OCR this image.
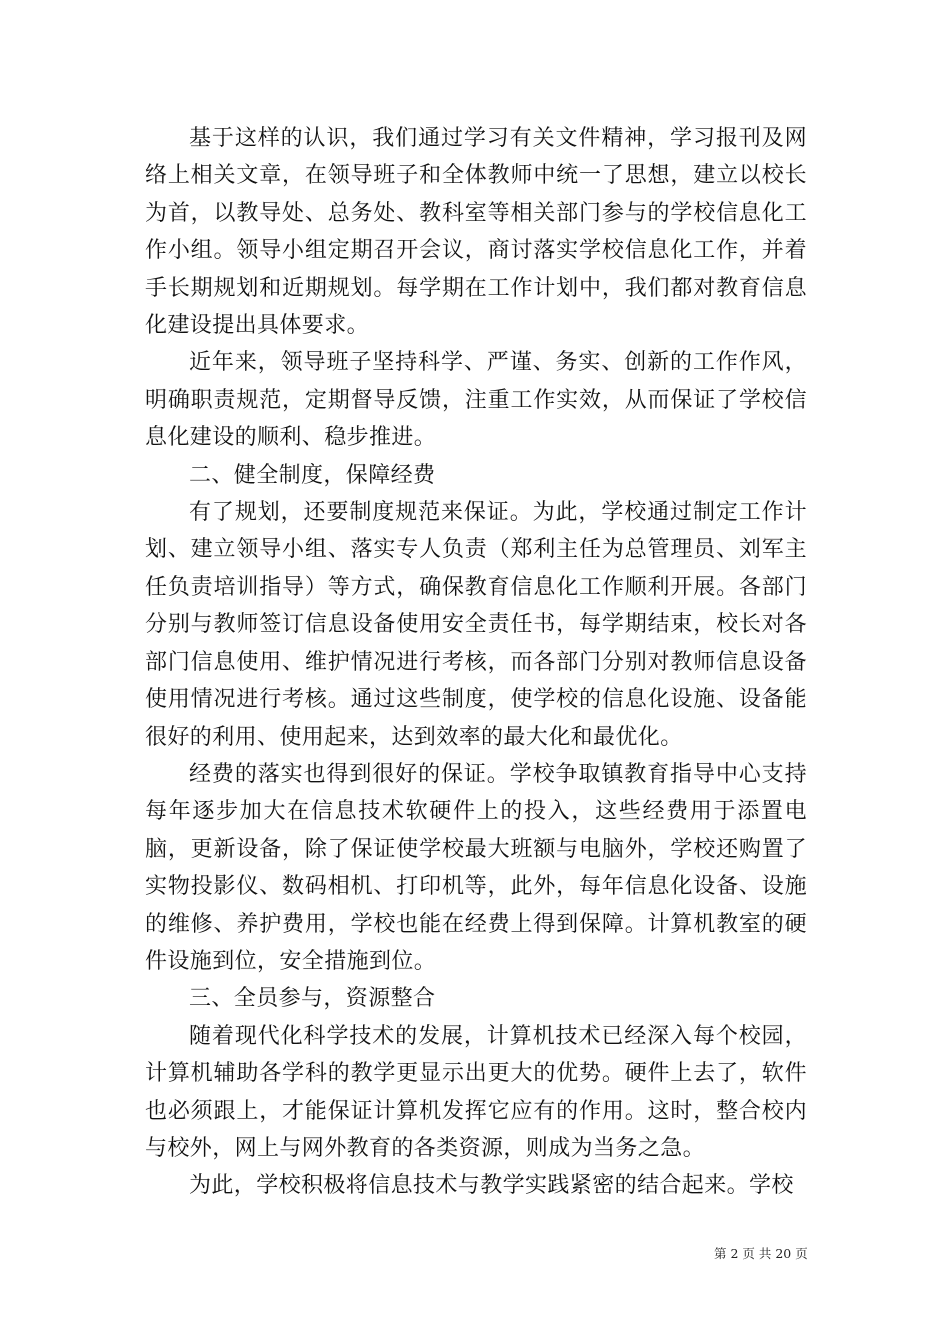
基于这样的认识，我们通过学习有关文件精神，学习报刊及网络上相关文章，在领导班子和全体教师中统一了思想，建立以校长为首，以教导处、总务处、教科室等相关部门参与的学校信息化工作小组。领导小组定期召开会议，商讨落实学校信息化工作，并着手长期规划和近期规划。每学期在工作计划中，我们都对教育信息化建设提出具体要求。

近年来，领导班子坚持科学、严谨、务实、创新的工作作风，明确职责规范，定期督导反馈，注重工作实效，从而保证了学校信息化建设的顺利、稳步推进。

二、健全制度，保障经费

有了规划，还要制度规范来保证。为此，学校通过制定工作计划、建立领导小组、落实专人负责（郑利主任为总管理员、刘军主任负责培训指导）等方式，确保教育信息化工作顺利开展。各部门分别与教师签订信息设备使用安全责任书，每学期结束，校长对各部门信息使用、维护情况进行考核，而各部门分别对教师信息设备使用情况进行考核。通过这些制度，使学校的信息化设施、设备能很好的利用、使用起来，达到效率的最大化和最优化。

经费的落实也得到很好的保证。学校争取镇教育指导中心支持每年逐步加大在信息技术软硬件上的投入，这些经费用于添置电脑，更新设备，除了保证使学校最大班额与电脑外，学校还购置了实物投影仪、数码相机、打印机等，此外，每年信息化设备、设施的维修、养护费用，学校也能在经费上得到保障。计算机教室的硬件设施到位，安全措施到位。

三、全员参与，资源整合

随着现代化科学技术的发展，计算机技术已经深入每个校园，计算机辅助各学科的教学更显示出更大的优势。硬件上去了，软件也必须跟上，才能保证计算机发挥它应有的作用。这时，整合校内与校外，网上与网外教育的各类资源，则成为当务之急。

为此，学校积极将信息技术与教学实践紧密的结合起来。学校

第 2 页 共 20 页
